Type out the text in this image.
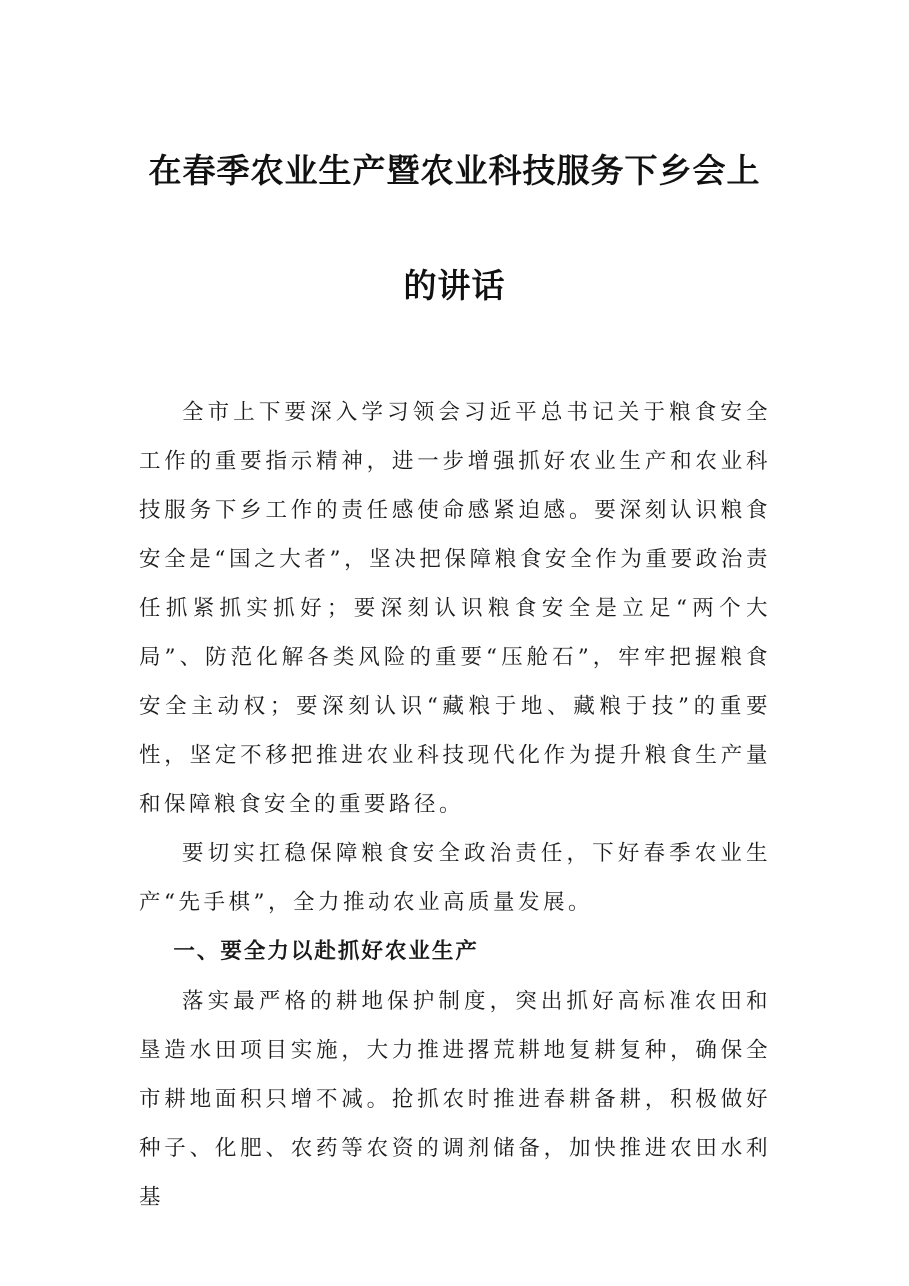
在春季农业生产暨农业科技服务下乡会上
的讲话

全市上下要深入学习领会习近平总书记关于粮食安全工作的重要指示精神，进一步增强抓好农业生产和农业科技服务下乡工作的责任感使命感紧迫感。要深刻认识粮食安全是“国之大者”，坚决把保障粮食安全作为重要政治责任抓紧抓实抓好；要深刻认识粮食安全是立足“两个大局”、防范化解各类风险的重要“压舱石”，牢牢把握粮食安全主动权；要深刻认识“藏粮于地、藏粮于技”的重要性，坚定不移把推进农业科技现代化作为提升粮食生产量和保障粮食安全的重要路径。

要切实扛稳保障粮食安全政治责任，下好春季农业生产“先手棋”，全力推动农业高质量发展。

一、要全力以赴抓好农业生产

落实最严格的耕地保护制度，突出抓好高标准农田和垦造水田项目实施，大力推进撂荒耕地复耕复种，确保全市耕地面积只增不减。抢抓农时推进春耕备耕，积极做好种子、化肥、农药等农资的调剂储备，加快推进农田水利基
